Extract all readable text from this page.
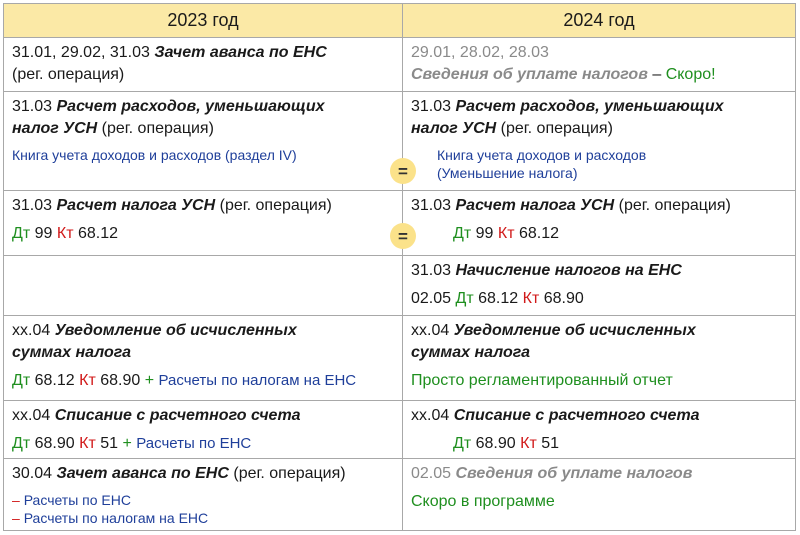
2023 год	2024 год
31.01, 29.02, 31.03 Зачет аванса по ЕНС
(рег. операция)
29.01, 28.02, 28.03
Сведения об уплате налогов – Скоро!
31.03 Расчет расходов, уменьшающих
налог УСН (рег. операция)
Книга учета доходов и расходов (раздел IV)
31.03 Расчет расходов, уменьшающих
налог УСН (рег. операция)
Книга учета доходов и расходов
(Уменьшение налога)
31.03 Расчет налога УСН (рег. операция)
Дт 99 Кт 68.12
31.03 Расчет налога УСН (рег. операция)
Дт 99 Кт 68.12
31.03 Начисление налогов на ЕНС
02.05 Дт 68.12 Кт 68.90
хх.04 Уведомление об исчисленных
суммах налога
Дт 68.12 Кт 68.90 + Расчеты по налогам на ЕНС
хх.04 Уведомление об исчисленных
суммах налога
Просто регламентированный отчет
хх.04 Списание с расчетного счета
Дт 68.90 Кт 51 + Расчеты по ЕНС
хх.04 Списание с расчетного счета
Дт 68.90 Кт 51
30.04 Зачет аванса по ЕНС (рег. операция)
– Расчеты по ЕНС
– Расчеты по налогам на ЕНС
02.05 Сведения об уплате налогов
Скоро в программе
=
=
